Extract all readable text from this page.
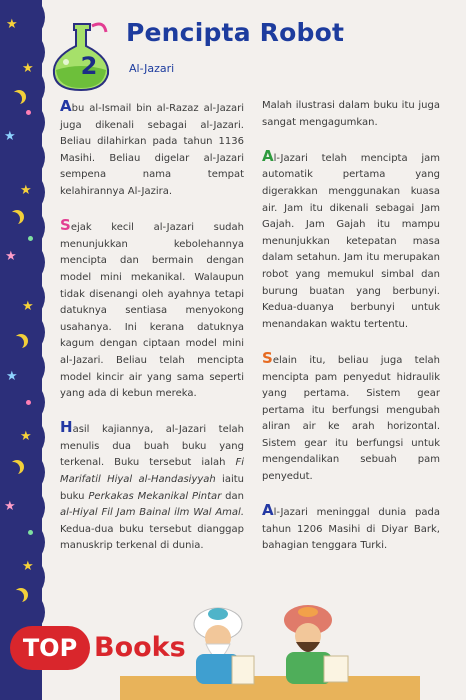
★
★
★
★
★
★
★
★
★
★
2
Pencipta Robot
Al-Jazari

Abu al-Ismail bin al-Razaz al-Jazari juga dikenali sebagai al-Jazari. Beliau dilahirkan pada tahun 1136 Masihi. Beliau digelar al-Jazari sempena nama tempat kelahirannya Al-Jazira.

Sejak kecil al-Jazari sudah menunjukkan kebolehannya mencipta dan bermain dengan model mini mekanikal. Walaupun tidak disenangi oleh ayahnya tetapi datuknya sentiasa menyokong usahanya. Ini kerana datuknya kagum dengan ciptaan model mini al-Jazari. Beliau telah mencipta model kincir air yang sama seperti yang ada di kebun mereka.

Hasil kajiannya, al-Jazari telah menulis dua buah buku yang terkenal. Buku tersebut ialah Fi Marifatil Hiyal al-Handasiyyah iaitu buku Perkakas Mekanikal Pintar dan al-Hiyal Fil Jam Bainal ilm Wal Amal. Kedua-dua buku tersebut dianggap manuskrip terkenal di dunia.

Malah ilustrasi dalam buku itu juga sangat mengagumkan.

Al-Jazari telah mencipta jam automatik pertama yang digerakkan menggunakan kuasa air. Jam itu dikenali sebagai Jam Gajah. Jam Gajah itu mampu menunjukkan ketepatan masa dalam setahun. Jam itu merupakan robot yang memukul simbal dan burung buatan yang berbunyi. Kedua-duanya berbunyi untuk menandakan waktu tertentu.

Selain itu, beliau juga telah mencipta pam penyedut hidraulik yang pertama. Sistem gear pertama itu berfungsi mengubah aliran air ke arah horizontal. Sistem gear itu berfungsi untuk mengendalikan sebuah pam penyedut.

Al-Jazari meninggal dunia pada tahun 1206 Masihi di Diyar Bark, bahagian tenggara Turki.

TOP Books
